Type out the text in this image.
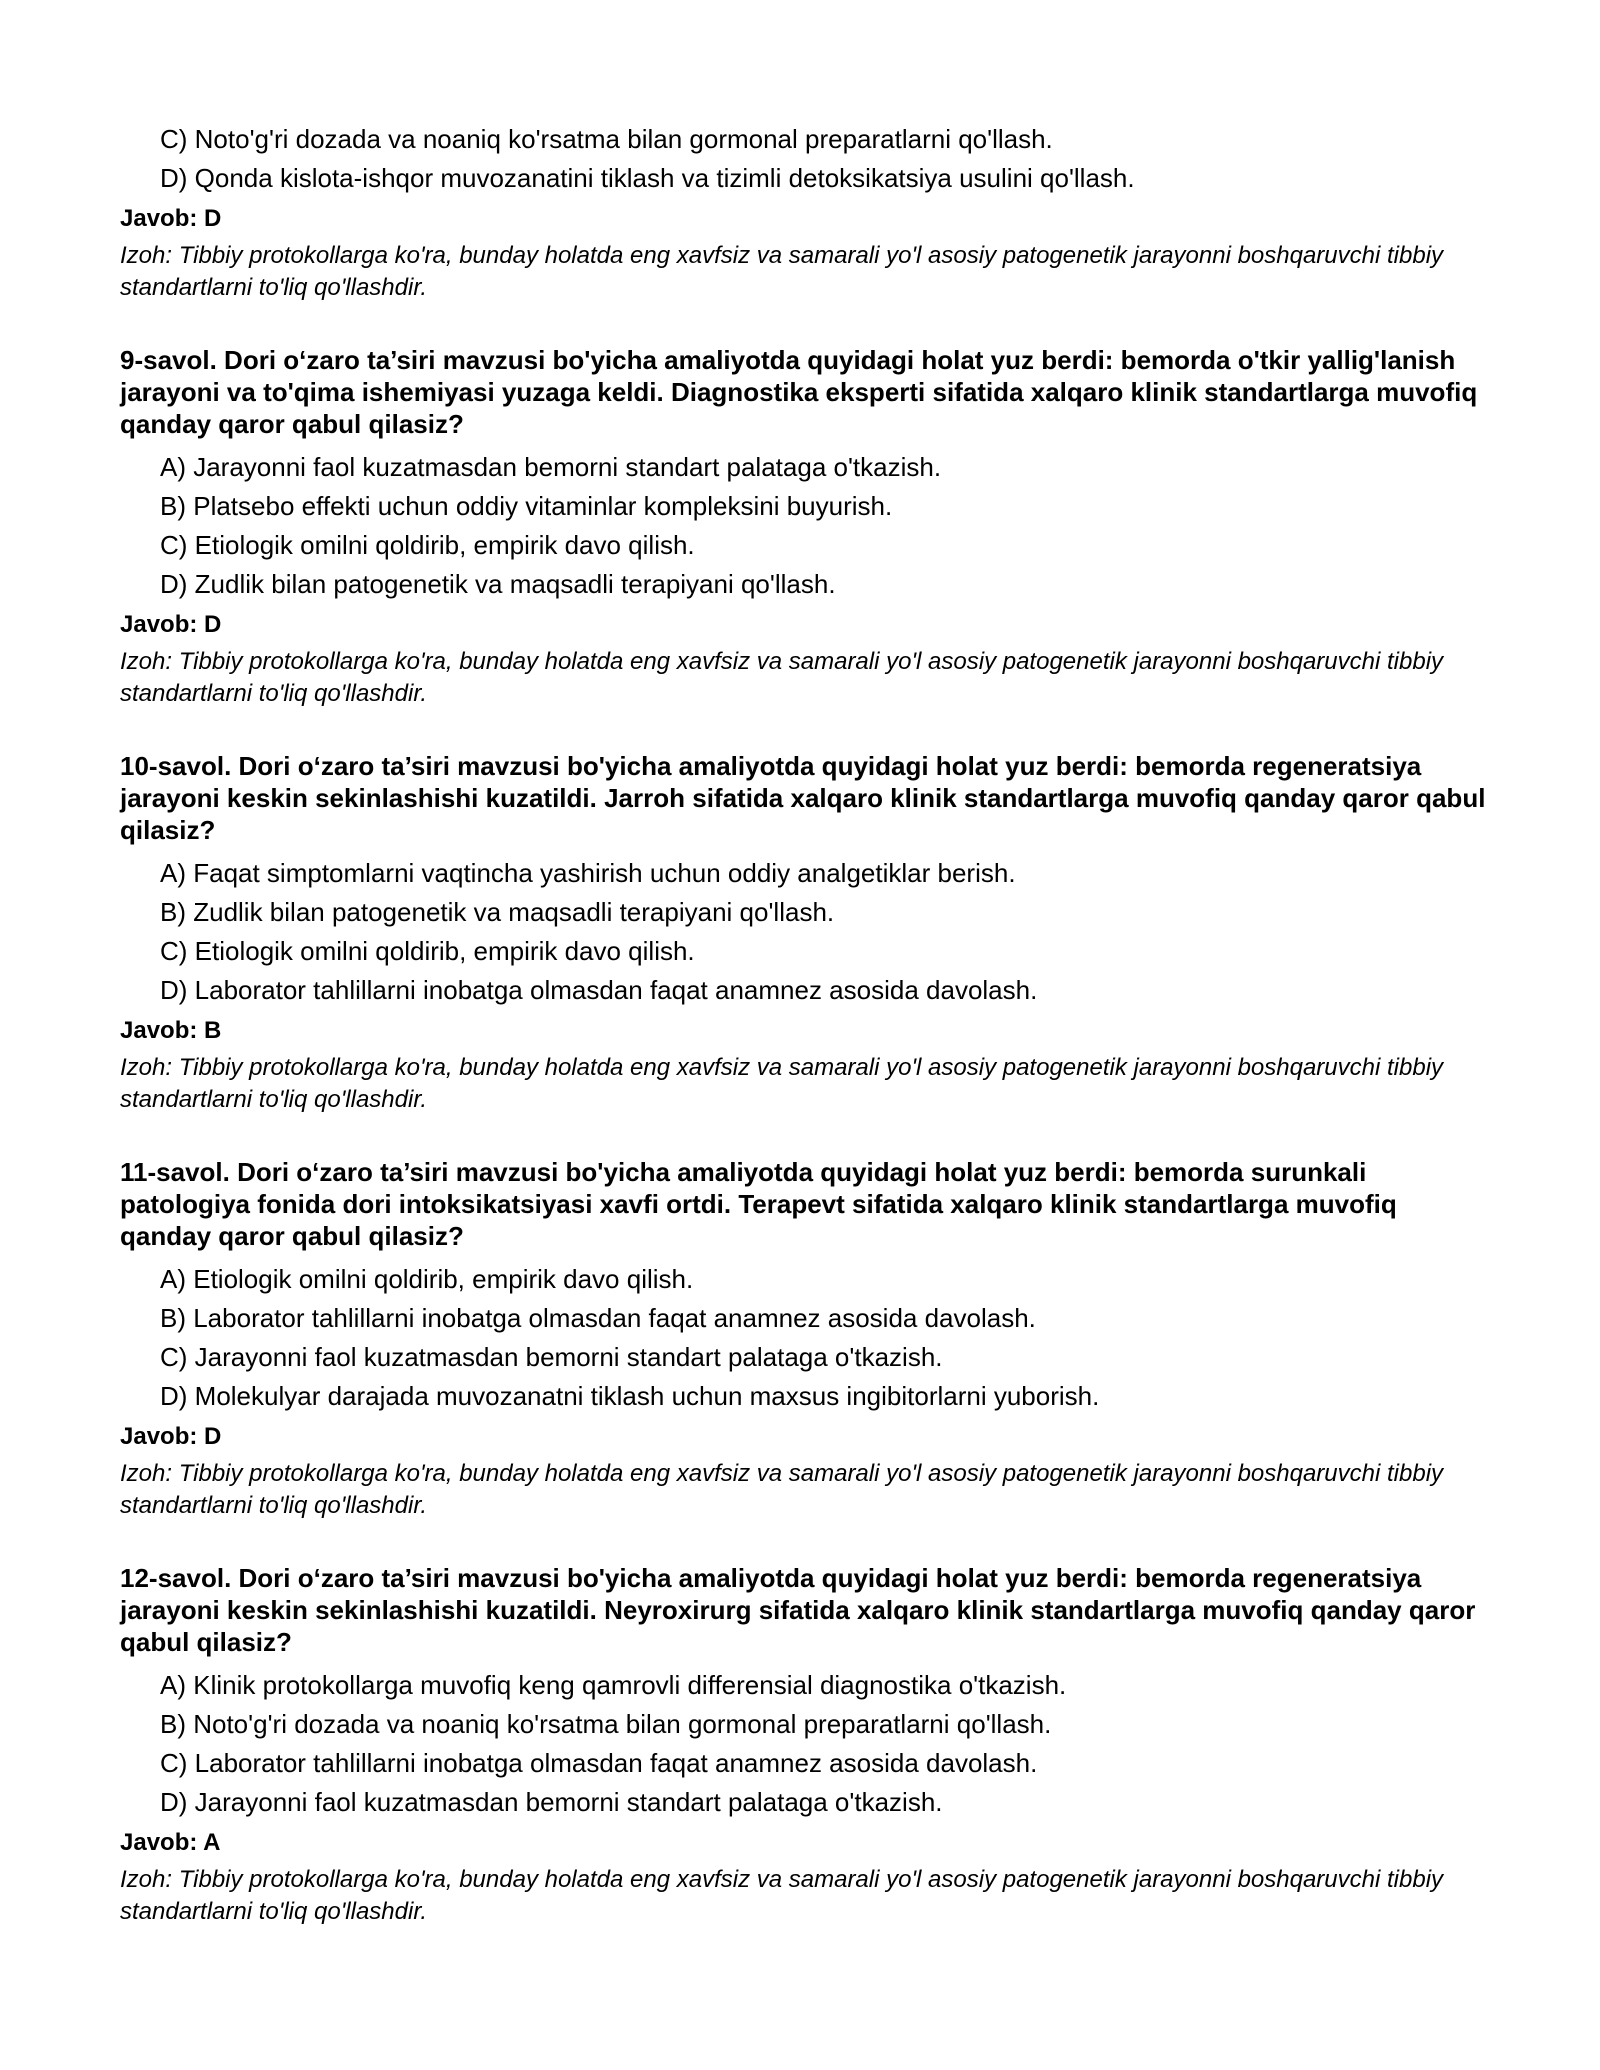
C) Noto'g'ri dozada va noaniq ko'rsatma bilan gormonal preparatlarni qo'llash.
D) Qonda kislota-ishqor muvozanatini tiklash va tizimli detoksikatsiya usulini qo'llash.
Javob: D
Izoh: Tibbiy protokollarga ko'ra, bunday holatda eng xavfsiz va samarali yo'l asosiy patogenetik jarayonni boshqaruvchi tibbiy standartlarni to'liq qo'llashdir.
9-savol. Dori o‘zaro ta’siri mavzusi bo'yicha amaliyotda quyidagi holat yuz berdi: bemorda o'tkir yallig'lanish jarayoni va to'qima ishemiyasi yuzaga keldi. Diagnostika eksperti sifatida xalqaro klinik standartlarga muvofiq qanday qaror qabul qilasiz?
A) Jarayonni faol kuzatmasdan bemorni standart palataga o'tkazish.
B) Platsebo effekti uchun oddiy vitaminlar kompleksini buyurish.
C) Etiologik omilni qoldirib, empirik davo qilish.
D) Zudlik bilan patogenetik va maqsadli terapiyani qo'llash.
Javob: D
Izoh: Tibbiy protokollarga ko'ra, bunday holatda eng xavfsiz va samarali yo'l asosiy patogenetik jarayonni boshqaruvchi tibbiy standartlarni to'liq qo'llashdir.
10-savol. Dori o‘zaro ta’siri mavzusi bo'yicha amaliyotda quyidagi holat yuz berdi: bemorda regeneratsiya jarayoni keskin sekinlashishi kuzatildi. Jarroh sifatida xalqaro klinik standartlarga muvofiq qanday qaror qabul qilasiz?
A) Faqat simptomlarni vaqtincha yashirish uchun oddiy analgetiklar berish.
B) Zudlik bilan patogenetik va maqsadli terapiyani qo'llash.
C) Etiologik omilni qoldirib, empirik davo qilish.
D) Laborator tahlillarni inobatga olmasdan faqat anamnez asosida davolash.
Javob: B
Izoh: Tibbiy protokollarga ko'ra, bunday holatda eng xavfsiz va samarali yo'l asosiy patogenetik jarayonni boshqaruvchi tibbiy standartlarni to'liq qo'llashdir.
11-savol. Dori o‘zaro ta’siri mavzusi bo'yicha amaliyotda quyidagi holat yuz berdi: bemorda surunkali patologiya fonida dori intoksikatsiyasi xavfi ortdi. Terapevt sifatida xalqaro klinik standartlarga muvofiq qanday qaror qabul qilasiz?
A) Etiologik omilni qoldirib, empirik davo qilish.
B) Laborator tahlillarni inobatga olmasdan faqat anamnez asosida davolash.
C) Jarayonni faol kuzatmasdan bemorni standart palataga o'tkazish.
D) Molekulyar darajada muvozanatni tiklash uchun maxsus ingibitorlarni yuborish.
Javob: D
Izoh: Tibbiy protokollarga ko'ra, bunday holatda eng xavfsiz va samarali yo'l asosiy patogenetik jarayonni boshqaruvchi tibbiy standartlarni to'liq qo'llashdir.
12-savol. Dori o‘zaro ta’siri mavzusi bo'yicha amaliyotda quyidagi holat yuz berdi: bemorda regeneratsiya jarayoni keskin sekinlashishi kuzatildi. Neyroxirurg sifatida xalqaro klinik standartlarga muvofiq qanday qaror qabul qilasiz?
A) Klinik protokollarga muvofiq keng qamrovli differensial diagnostika o'tkazish.
B) Noto'g'ri dozada va noaniq ko'rsatma bilan gormonal preparatlarni qo'llash.
C) Laborator tahlillarni inobatga olmasdan faqat anamnez asosida davolash.
D) Jarayonni faol kuzatmasdan bemorni standart palataga o'tkazish.
Javob: A
Izoh: Tibbiy protokollarga ko'ra, bunday holatda eng xavfsiz va samarali yo'l asosiy patogenetik jarayonni boshqaruvchi tibbiy standartlarni to'liq qo'llashdir.
